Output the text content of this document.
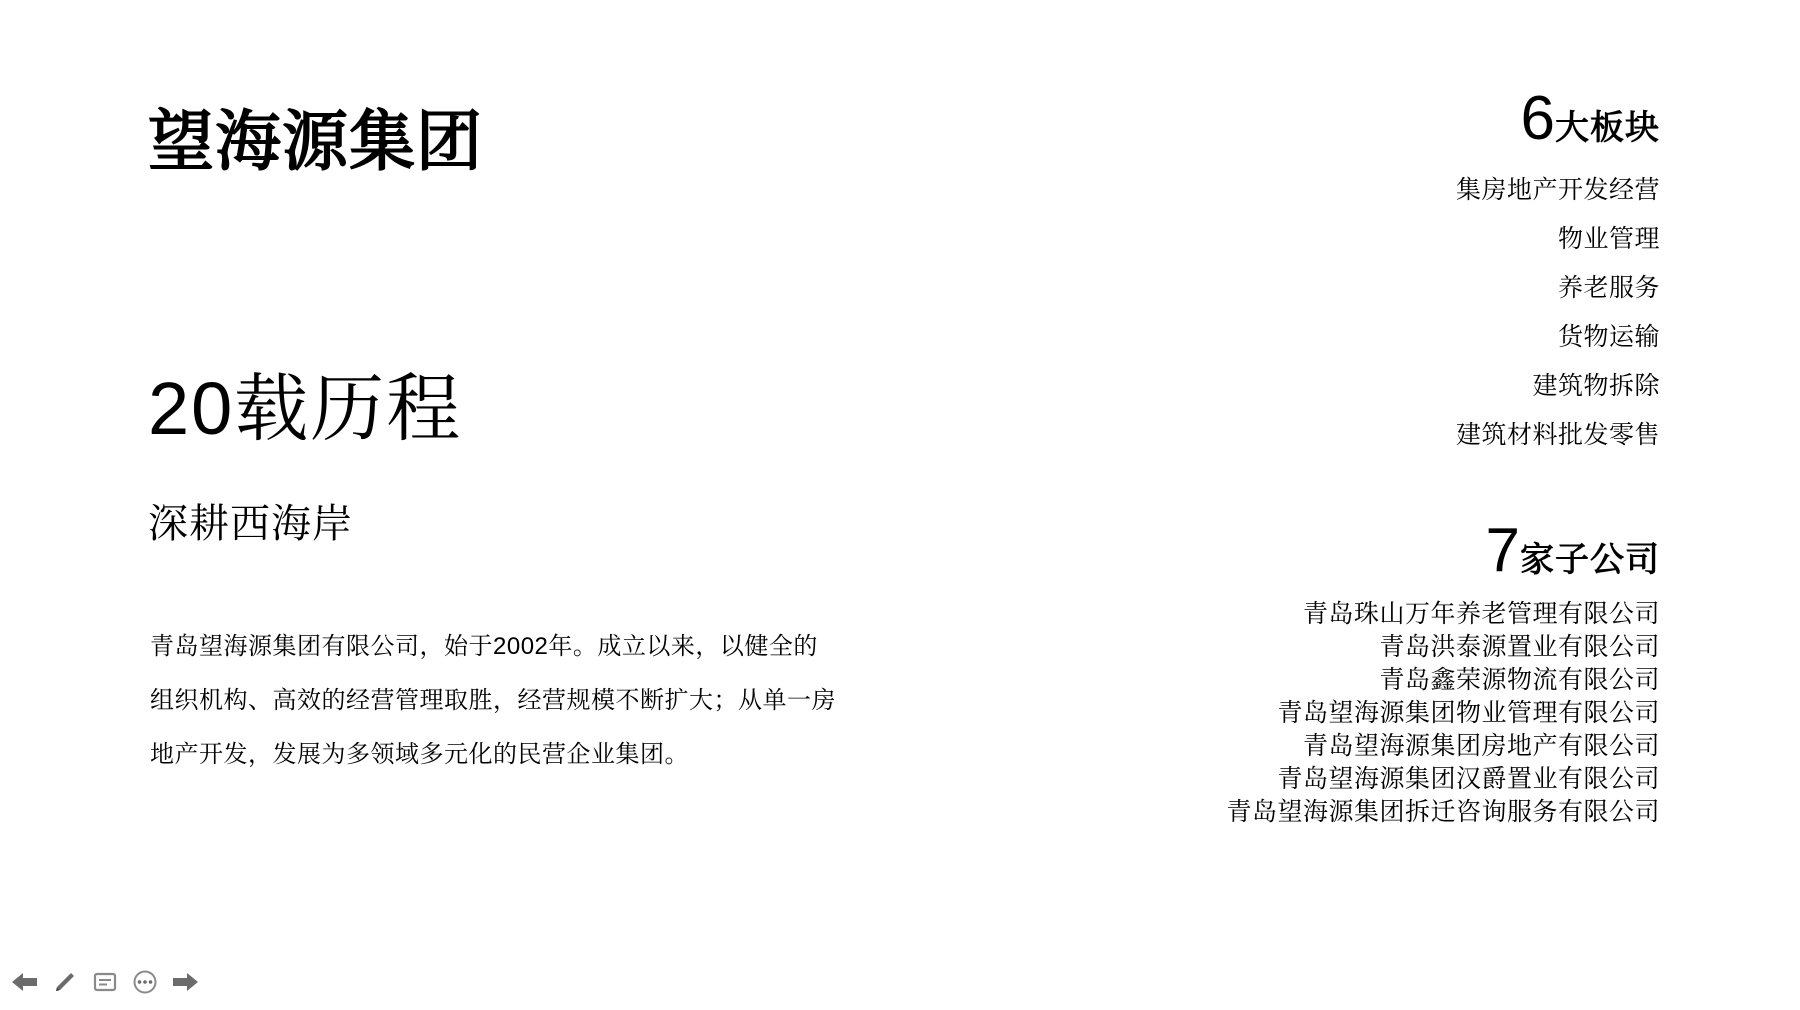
望海源集团
20载历程
深耕西海岸
青岛望海源集团有限公司，始于2002年。成立以来，以健全的组织机构、高效的经营管理取胜，经营规模不断扩大；从单一房地产开发，发展为多领域多元化的民营企业集团。
6大板块
集房地产开发经营
物业管理
养老服务
货物运输
建筑物拆除
建筑材料批发零售
7家子公司
青岛珠山万年养老管理有限公司
青岛洪泰源置业有限公司
青岛鑫荣源物流有限公司
青岛望海源集团物业管理有限公司
青岛望海源集团房地产有限公司
青岛望海源集团汉爵置业有限公司
青岛望海源集团拆迁咨询服务有限公司
